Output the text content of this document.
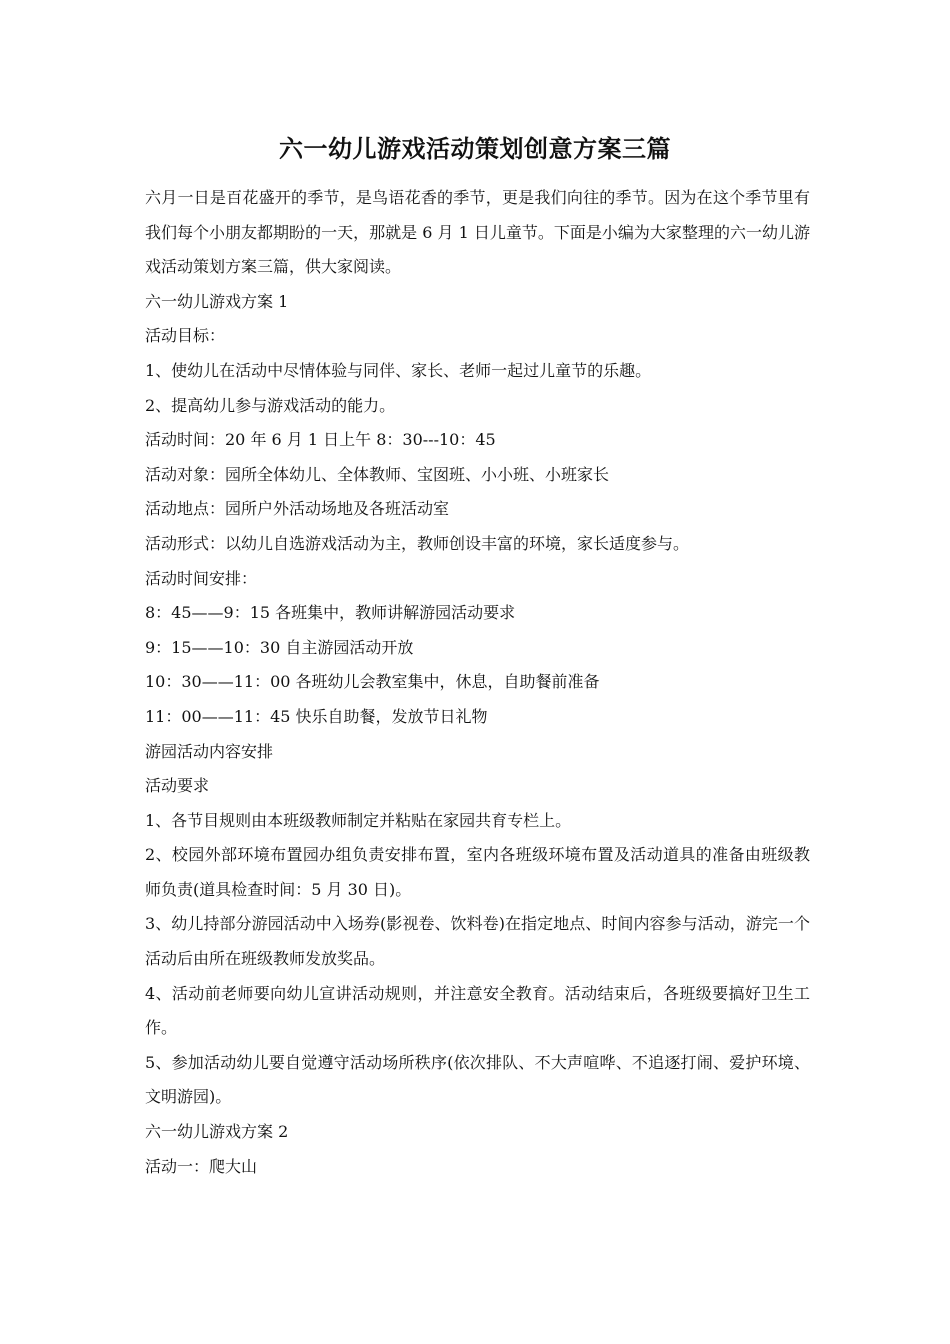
六一幼儿游戏活动策划创意方案三篇

六月一日是百花盛开的季节，是鸟语花香的季节，更是我们向往的季节。因为在这个季节里有我们每个小朋友都期盼的一天，那就是 6 月 1 日儿童节。下面是小编为大家整理的六一幼儿游戏活动策划方案三篇，供大家阅读。

六一幼儿游戏方案 1

活动目标：

1、使幼儿在活动中尽情体验与同伴、家长、老师一起过儿童节的乐趣。

2、提高幼儿参与游戏活动的能力。

活动时间：20 年 6 月 1 日上午 8：30---10：45

活动对象：园所全体幼儿、全体教师、宝囡班、小小班、小班家长

活动地点：园所户外活动场地及各班活动室

活动形式：以幼儿自选游戏活动为主，教师创设丰富的环境，家长适度参与。

活动时间安排：

8：45——9：15 各班集中，教师讲解游园活动要求

9：15——10：30 自主游园活动开放

10：30——11：00 各班幼儿会教室集中，休息，自助餐前准备

11：00——11：45 快乐自助餐，发放节日礼物

游园活动内容安排

活动要求

1、各节目规则由本班级教师制定并粘贴在家园共育专栏上。

2、校园外部环境布置园办组负责安排布置，室内各班级环境布置及活动道具的准备由班级教师负责(道具检查时间：5 月 30 日)。

3、幼儿持部分游园活动中入场券(影视卷、饮料卷)在指定地点、时间内容参与活动，游完一个活动后由所在班级教师发放奖品。

4、活动前老师要向幼儿宣讲活动规则，并注意安全教育。活动结束后，各班级要搞好卫生工作。

5、参加活动幼儿要自觉遵守活动场所秩序(依次排队、不大声喧哗、不追逐打闹、爱护环境、文明游园)。

六一幼儿游戏方案 2

活动一：爬大山
